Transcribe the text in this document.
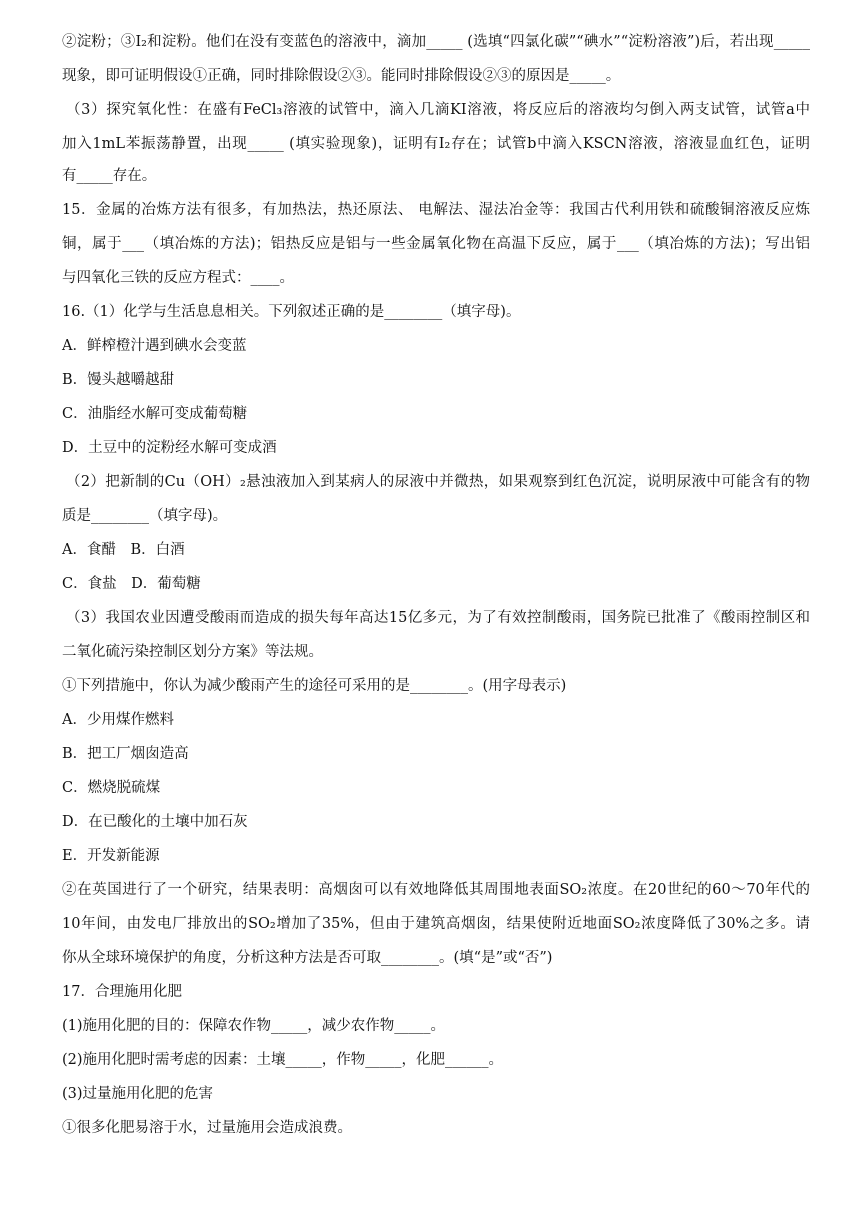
②淀粉；③I₂和淀粉。他们在没有变蓝色的溶液中，滴加_____ (选填“四氯化碳”“碘水”“淀粉溶液”)后，若出现_____
现象，即可证明假设①正确，同时排除假设②③。能同时排除假设②③的原因是_____。
（3）探究氧化性：在盛有FeCl₃溶液的试管中，滴入几滴KI溶液，将反应后的溶液均匀倒入两支试管，试管a中
加入1mL苯振荡静置，出现_____ (填实验现象)，证明有I₂存在；试管b中滴入KSCN溶液，溶液显血红色，证明
有_____存在。
15．金属的冶炼方法有很多，有加热法，热还原法、 电解法、湿法冶金等：我国古代利用铁和硫酸铜溶液反应炼
铜，属于___（填冶炼的方法)；铝热反应是铝与一些金属氧化物在高温下反应，属于___（填冶炼的方法)；写出铝
与四氧化三铁的反应方程式：____。
16.（1）化学与生活息息相关。下列叙述正确的是________（填字母)。
A．鲜榨橙汁遇到碘水会变蓝
B．馒头越嚼越甜
C．油脂经水解可变成葡萄糖
D．土豆中的淀粉经水解可变成酒
（2）把新制的Cu（OH）₂悬浊液加入到某病人的尿液中并微热，如果观察到红色沉淀，说明尿液中可能含有的物
质是________（填字母)。
A．食醋　B．白酒
C．食盐　D．葡萄糖
（3）我国农业因遭受酸雨而造成的损失每年高达15亿多元，为了有效控制酸雨，国务院已批准了《酸雨控制区和
二氧化硫污染控制区划分方案》等法规。
①下列措施中，你认为减少酸雨产生的途径可采用的是________。(用字母表示)
A．少用煤作燃料
B．把工厂烟囱造高
C．燃烧脱硫煤
D．在已酸化的土壤中加石灰
E．开发新能源
②在英国进行了一个研究，结果表明：高烟囱可以有效地降低其周围地表面SO₂浓度。在20世纪的60～70年代的
10年间，由发电厂排放出的SO₂增加了35%，但由于建筑高烟囱，结果使附近地面SO₂浓度降低了30%之多。请
你从全球环境保护的角度，分析这种方法是否可取________。(填“是”或“否”)
17．合理施用化肥
(1)施用化肥的目的：保障农作物_____，减少农作物_____。
(2)施用化肥时需考虑的因素：土壤_____，作物_____，化肥______。
(3)过量施用化肥的危害
①很多化肥易溶于水，过量施用会造成浪费。
